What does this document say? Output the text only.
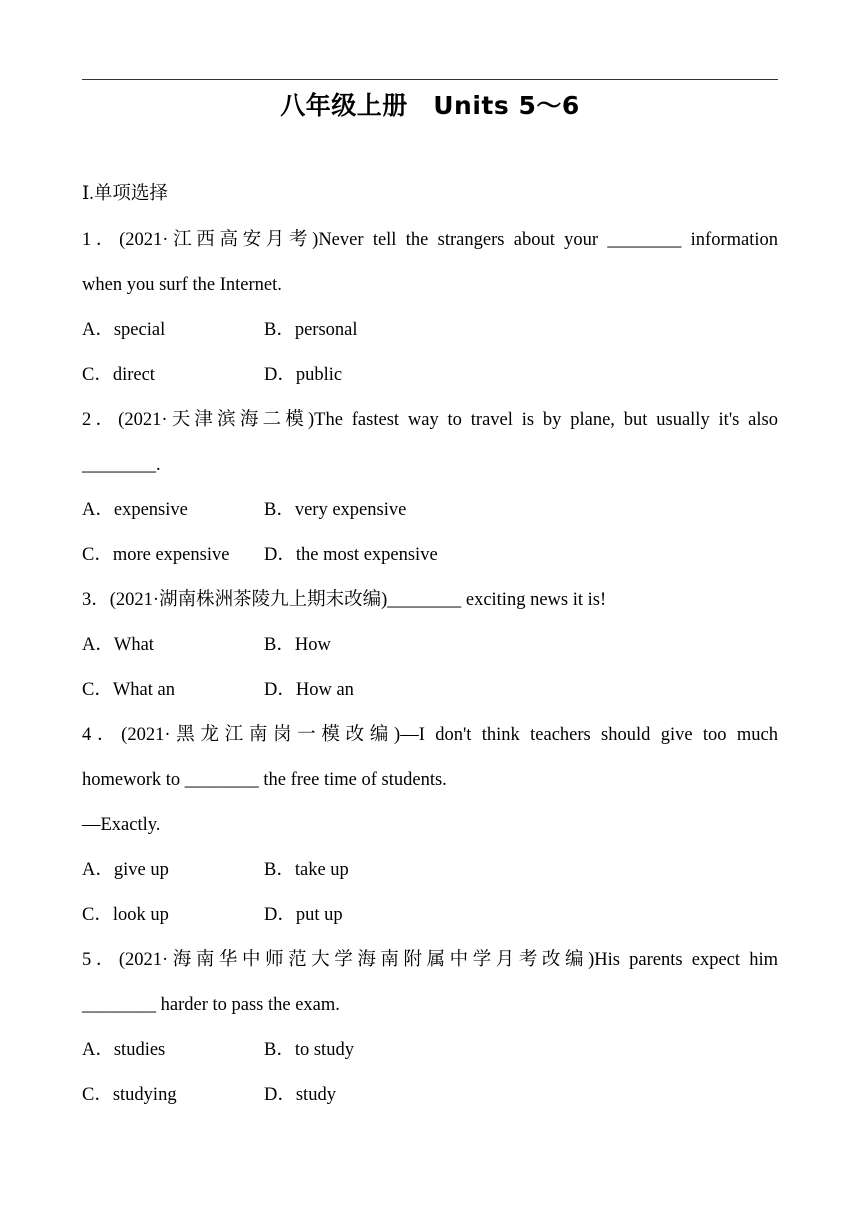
八年级上册　Units 5～6
Ⅰ.单项选择
1．(2021·江西高安月考)Never tell the strangers about your ________ information
when you surf the Internet.
A．special	B．personal
C．direct	D．public
2．(2021·天津滨海二模)The fastest way to travel is by plane, but usually it's also
________.
A．expensive	B．very expensive
C．more expensive D．the most expensive
3．(2021·湖南株洲茶陵九上期末改编)________ exciting news it is!
A．What	B．How
C．What an	D．How an
4．(2021·黑龙江南岗一模改编)—I don't think teachers should give too much
homework to ________ the free time of students.
—Exactly.
A．give up	B．take up
C．look up	D．put up
5．(2021·海南华中师范大学海南附属中学月考改编)His parents expect him
________ harder to pass the exam.
A．studies	B．to study
C．studying	D．study
